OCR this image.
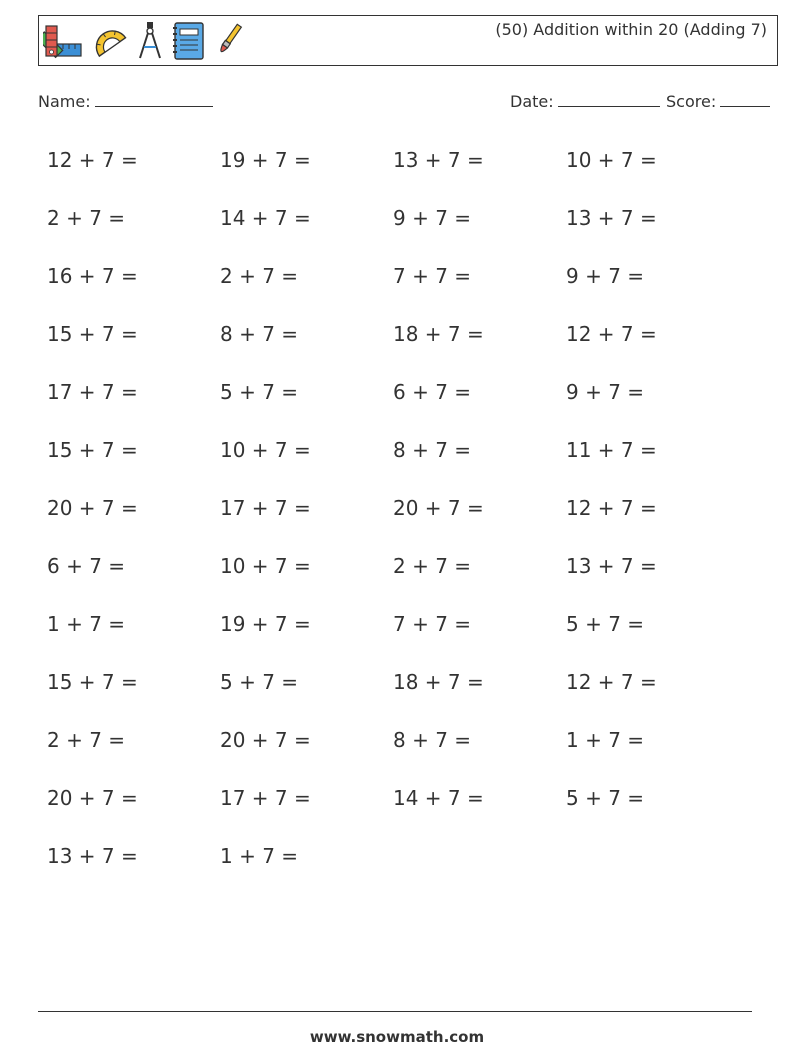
(50) Addition within 20 (Adding 7)
Name:	Date:	Score:
12 + 7 =	19 + 7 =	13 + 7 =	10 + 7 =
2 + 7 =	14 + 7 =	9 + 7 =	13 + 7 =
16 + 7 =	2 + 7 =	7 + 7 =	9 + 7 =
15 + 7 =	8 + 7 =	18 + 7 =	12 + 7 =
17 + 7 =	5 + 7 =	6 + 7 =	9 + 7 =
15 + 7 =	10 + 7 =	8 + 7 =	11 + 7 =
20 + 7 =	17 + 7 =	20 + 7 =	12 + 7 =
6 + 7 =	10 + 7 =	2 + 7 =	13 + 7 =
1 + 7 =	19 + 7 =	7 + 7 =	5 + 7 =
15 + 7 =	5 + 7 =	18 + 7 =	12 + 7 =
2 + 7 =	20 + 7 =	8 + 7 =	1 + 7 =
20 + 7 =	17 + 7 =	14 + 7 =	5 + 7 =
13 + 7 =	1 + 7 =
www.snowmath.com
